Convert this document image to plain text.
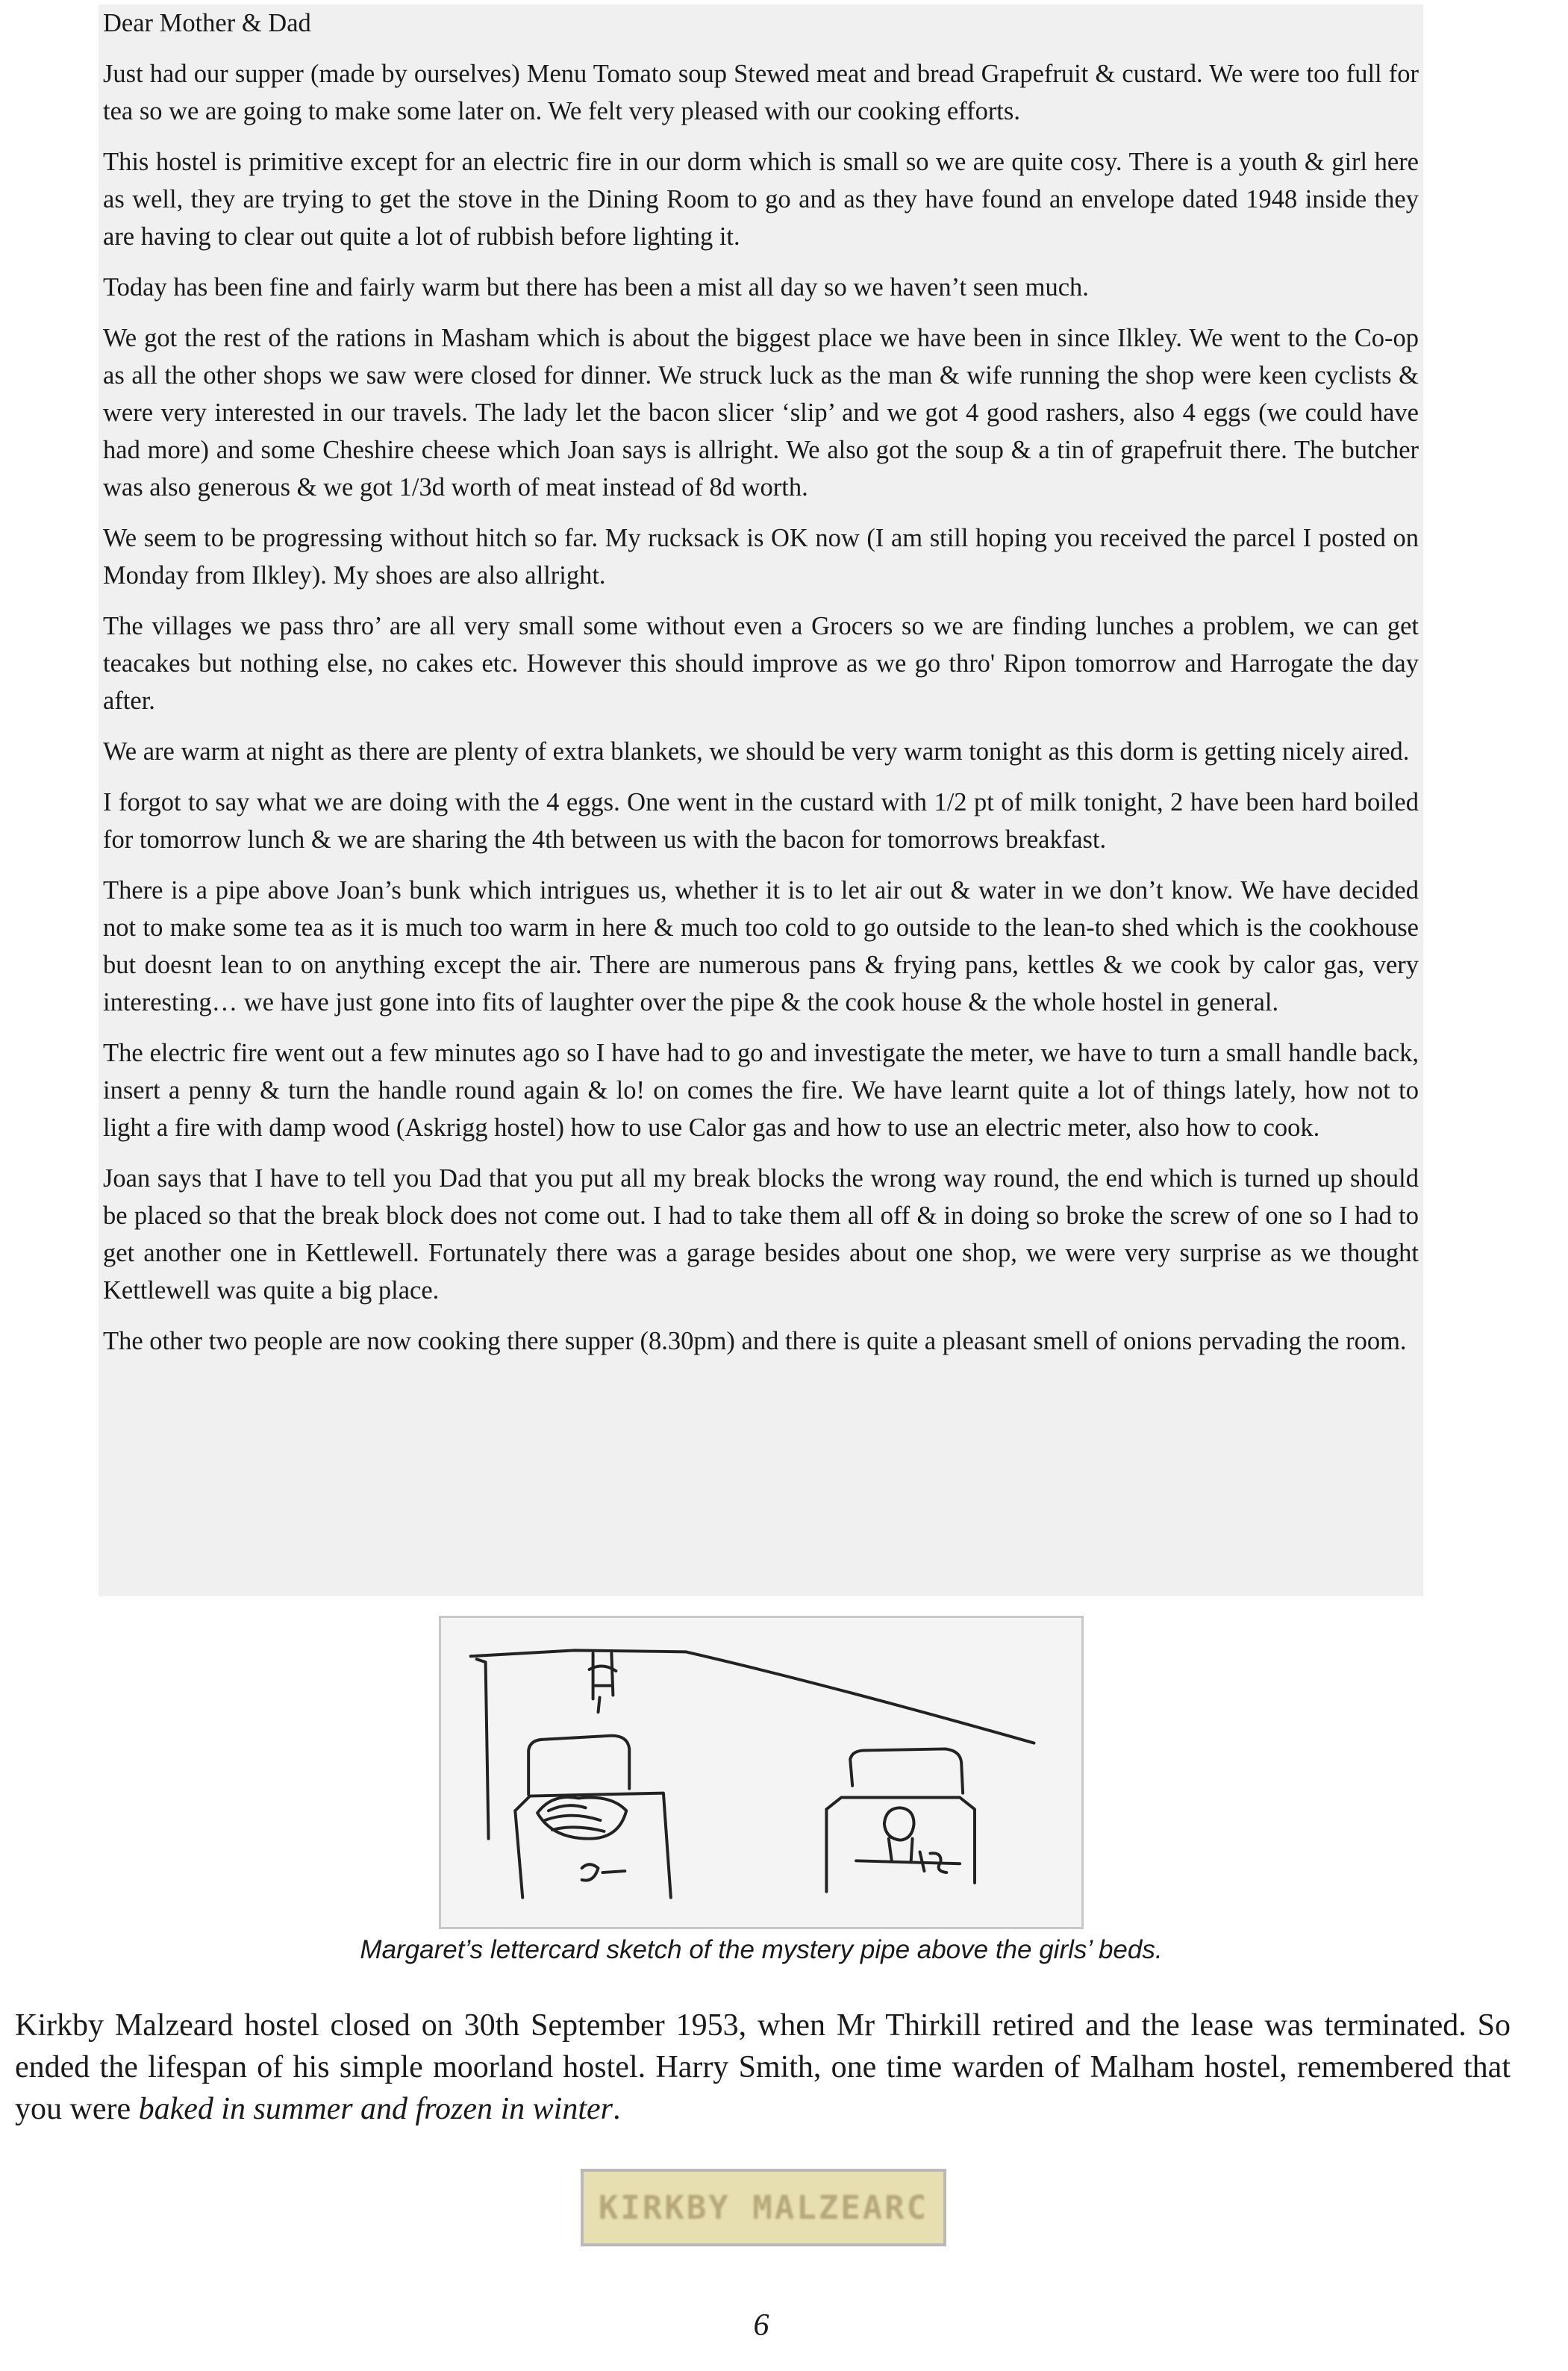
Dear Mother & Dad

Just had our supper (made by ourselves) Menu Tomato soup Stewed meat and bread Grapefruit & custard. We were too full for tea so we are going to make some later on. We felt very pleased with our cooking efforts.

This hostel is primitive except for an electric fire in our dorm which is small so we are quite cosy. There is a youth & girl here as well, they are trying to get the stove in the Dining Room to go and as they have found an envelope dated 1948 inside they are having to clear out quite a lot of rubbish before lighting it.

Today has been fine and fairly warm but there has been a mist all day so we haven’t seen much.

We got the rest of the rations in Masham which is about the biggest place we have been in since Ilkley. We went to the Co-op as all the other shops we saw were closed for dinner. We struck luck as the man & wife running the shop were keen cyclists & were very interested in our travels. The lady let the bacon slicer ‘slip’ and we got 4 good rashers, also 4 eggs (we could have had more) and some Cheshire cheese which Joan says is allright. We also got the soup & a tin of grapefruit there. The butcher was also generous & we got 1/3d worth of meat instead of 8d worth.

We seem to be progressing without hitch so far. My rucksack is OK now (I am still hoping you received the parcel I posted on Monday from Ilkley). My shoes are also allright.

The villages we pass thro’ are all very small some without even a Grocers so we are finding lunches a problem, we can get teacakes but nothing else, no cakes etc. However this should improve as we go thro' Ripon tomorrow and Harrogate the day after.

We are warm at night as there are plenty of extra blankets, we should be very warm tonight as this dorm is getting nicely aired.

I forgot to say what we are doing with the 4 eggs. One went in the custard with 1/2 pt of milk tonight, 2 have been hard boiled for tomorrow lunch & we are sharing the 4th between us with the bacon for tomorrows breakfast.

There is a pipe above Joan’s bunk which intrigues us, whether it is to let air out & water in we don’t know. We have decided not to make some tea as it is much too warm in here & much too cold to go outside to the lean-to shed which is the cookhouse but doesnt lean to on anything except the air. There are numerous pans & frying pans, kettles & we cook by calor gas, very interesting… we have just gone into fits of laughter over the pipe & the cook house & the whole hostel in general.

The electric fire went out a few minutes ago so I have had to go and investigate the meter, we have to turn a small handle back, insert a penny & turn the handle round again & lo! on comes the fire. We have learnt quite a lot of things lately, how not to light a fire with damp wood (Askrigg hostel) how to use Calor gas and how to use an electric meter, also how to cook.

Joan says that I have to tell you Dad that you put all my break blocks the wrong way round, the end which is turned up should be placed so that the break block does not come out. I had to take them all off & in doing so broke the screw of one so I had to get another one in Kettlewell. Fortunately there was a garage besides about one shop, we were very surprise as we thought Kettlewell was quite a big place.

The other two people are now cooking there supper (8.30pm) and there is quite a pleasant smell of onions pervading the room.

Margaret’s lettercard sketch of the mystery pipe above the girls’ beds.

Kirkby Malzeard hostel closed on 30th September 1953, when Mr Thirkill retired and the lease was terminated. So ended the lifespan of his simple moorland hostel. Harry Smith, one time warden of Malham hostel, remembered that you were baked in summer and frozen in winter.

KIRKBY MALZEARC
6
